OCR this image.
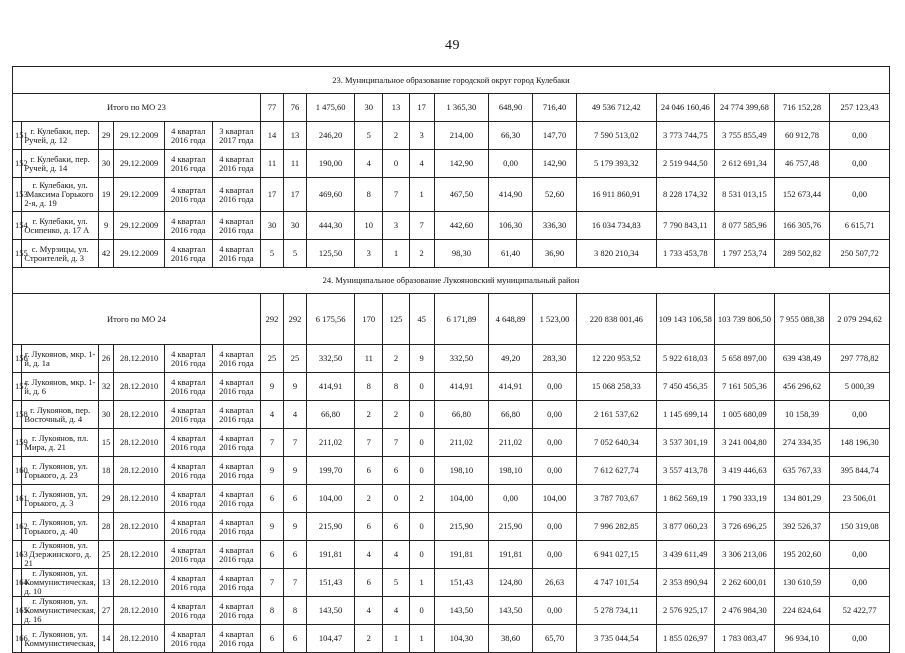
49
23. Муниципальное образование городской округ город Кулебаки																			
Итого по МО 23						77	76	1 475,60	30	13	17	1 365,30	648,90	716,40	49 536 712,42	24 046 160,46	24 774 399,68	716 152,28	257 123,43
151	г. Кулебаки, пер. Ручей, д. 12	29	29.12.2009	4 квартал 2016 года	3 квартал 2017 года	14	13	246,20	5	2	3	214,00	66,30	147,70	7 590 513,02	3 773 744,75	3 755 855,49	60 912,78	0,00
152	г. Кулебаки, пер. Ручей, д. 14	30	29.12.2009	4 квартал 2016 года	4 квартал 2016 года	11	11	190,00	4	0	4	142,90	0,00	142,90	5 179 393,32	2 519 944,50	2 612 691,34	46 757,48	0,00
153	г. Кулебаки, ул. Максима Горького 2-я, д. 19	19	29.12.2009	4 квартал 2016 года	4 квартал 2016 года	17	17	469,60	8	7	1	467,50	414,90	52,60	16 911 860,91	8 228 174,32	8 531 013,15	152 673,44	0,00
154	г. Кулебаки, ул. Осипенко, д. 17 А	9	29.12.2009	4 квартал 2016 года	4 квартал 2016 года	30	30	444,30	10	3	7	442,60	106,30	336,30	16 034 734,83	7 790 843,11	8 077 585,96	166 305,76	6 615,71
155	с. Мурзицы, ул. Строителей, д. 3	42	29.12.2009	4 квартал 2016 года	4 квартал 2016 года	5	5	125,50	3	1	2	98,30	61,40	36,90	3 820 210,34	1 733 453,78	1 797 253,74	289 502,82	250 507,72
24. Муниципальное образование Лукояновский муниципальный район																			
Итого по МО 24						292	292	6 175,56	170	125	45	6 171,89	4 648,89	1 523,00	220 838 001,46	109 143 106,58	103 739 806,50	7 955 088,38	2 079 294,62
156	г. Лукоянов, мкр. 1-й, д. 1а	26	28.12.2010	4 квартал 2016 года	4 квартал 2016 года	25	25	332,50	11	2	9	332,50	49,20	283,30	12 220 953,52	5 922 618,03	5 658 897,00	639 438,49	297 778,82
157	г. Лукоянов, мкр. 1-й, д. 6	32	28.12.2010	4 квартал 2016 года	4 квартал 2016 года	9	9	414,91	8	8	0	414,91	414,91	0,00	15 068 258,33	7 450 456,35	7 161 505,36	456 296,62	5 000,39
158	г. Лукоянов, пер. Восточный, д. 4	30	28.12.2010	4 квартал 2016 года	4 квартал 2016 года	4	4	66,80	2	2	0	66,80	66,80	0,00	2 161 537,62	1 145 699,14	1 005 680,09	10 158,39	0,00
159	г. Лукоянов, пл. Мира, д. 21	15	28.12.2010	4 квартал 2016 года	4 квартал 2016 года	7	7	211,02	7	7	0	211,02	211,02	0,00	7 052 640,34	3 537 301,19	3 241 004,80	274 334,35	148 196,30
160	г. Лукоянов, ул. Горького, д. 23	18	28.12.2010	4 квартал 2016 года	4 квартал 2016 года	9	9	199,70	6	6	0	198,10	198,10	0,00	7 612 627,74	3 557 413,78	3 419 446,63	635 767,33	395 844,74
161	г. Лукоянов, ул. Горького, д. 3	29	28.12.2010	4 квартал 2016 года	4 квартал 2016 года	6	6	104,00	2	0	2	104,00	0,00	104,00	3 787 703,67	1 862 569,19	1 790 333,19	134 801,29	23 506,01
162	г. Лукоянов, ул. Горького, д. 40	28	28.12.2010	4 квартал 2016 года	4 квартал 2016 года	9	9	215,90	6	6	0	215,90	215,90	0,00	7 996 282,85	3 877 060,23	3 726 696,25	392 526,37	150 319,08
163	г. Лукоянов, ул. Дзержинского, д. 21	25	28.12.2010	4 квартал 2016 года	4 квартал 2016 года	6	6	191,81	4	4	0	191,81	191,81	0,00	6 941 027,15	3 439 611,49	3 306 213,06	195 202,60	0,00
164	г. Лукоянов, ул. Коммунистическая, д. 10	13	28.12.2010	4 квартал 2016 года	4 квартал 2016 года	7	7	151,43	6	5	1	151,43	124,80	26,63	4 747 101,54	2 353 890,94	2 262 600,01	130 610,59	0,00
165	г. Лукоянов, ул. Коммунистическая, д. 16	27	28.12.2010	4 квартал 2016 года	4 квартал 2016 года	8	8	143,50	4	4	0	143,50	143,50	0,00	5 278 734,11	2 576 925,17	2 476 984,30	224 824,64	52 422,77
166	г. Лукоянов, ул. Коммунистическая,	14	28.12.2010	4 квартал 2016 года	4 квартал 2016 года	6	6	104,47	2	1	1	104,30	38,60	65,70	3 735 044,54	1 855 026,97	1 783 083,47	96 934,10	0,00
